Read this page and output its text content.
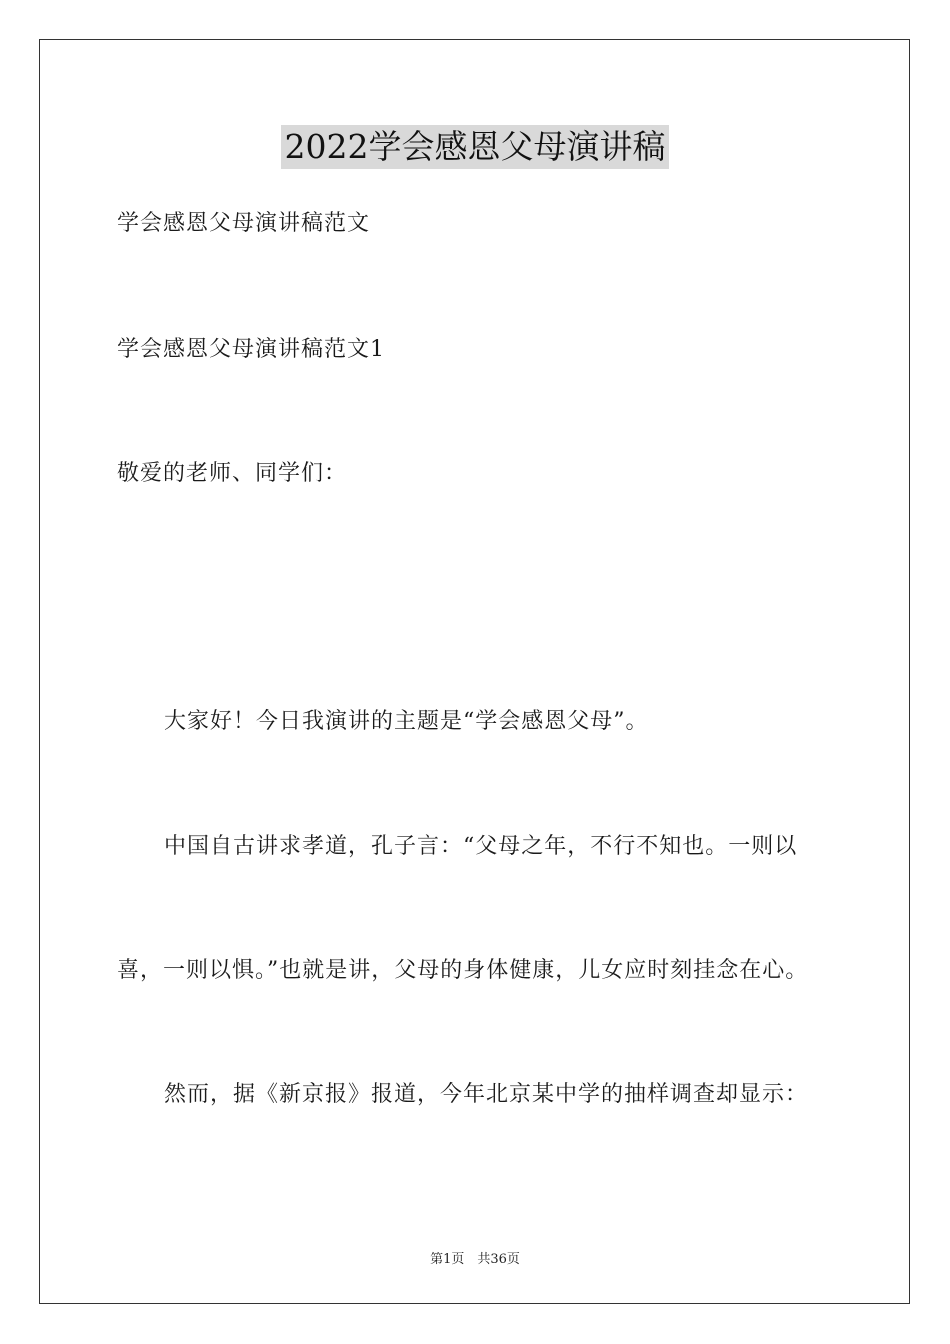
2022学会感恩父母演讲稿
学会感恩父母演讲稿范文
学会感恩父母演讲稿范文1
敬爱的老师、同学们：
大家好！今日我演讲的主题是“学会感恩父母”。
中国自古讲求孝道，孔子言：“父母之年，不行不知也。一则以
喜，一则以惧。”也就是讲，父母的身体健康，儿女应时刻挂念在心。
然而，据《新京报》报道，今年北京某中学的抽样调查却显示：
第1页　共36页
